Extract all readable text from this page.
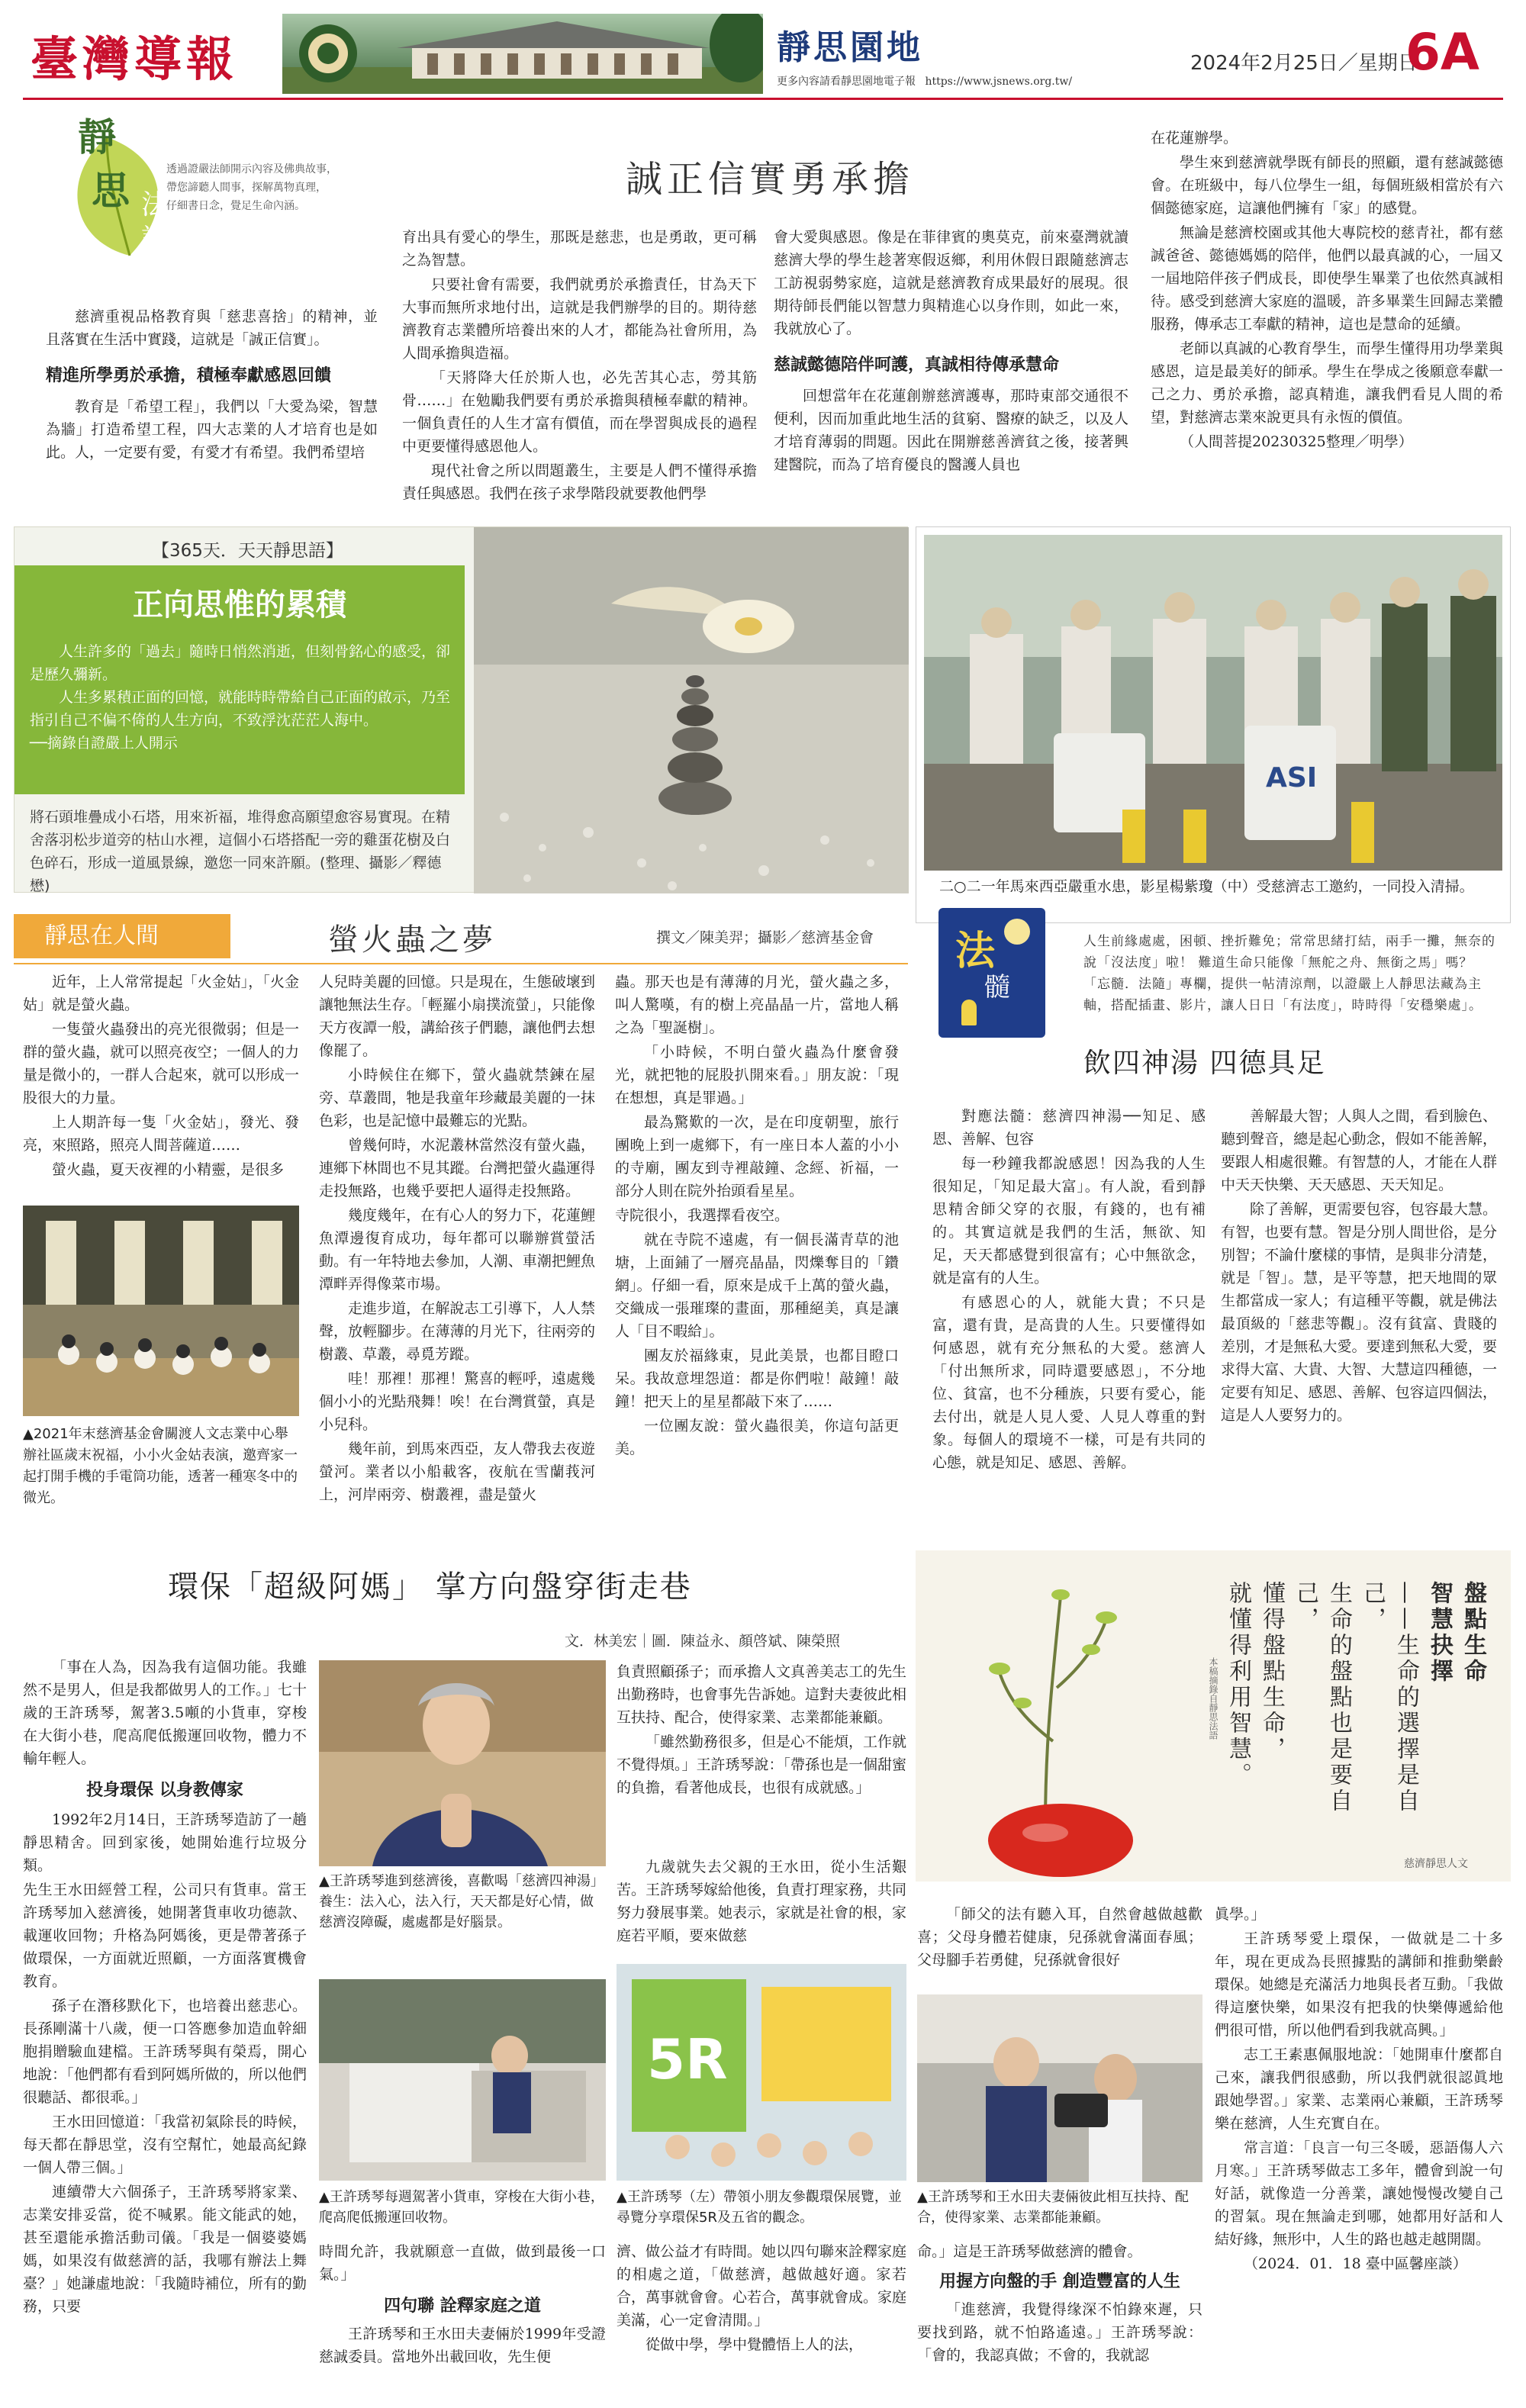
臺灣導報	靜思園地
更多內容請看靜思園地電子報 https://www.jsnews.org.tw/
2024年2月25日／星期日
6A
靜
思 法
語
透過證嚴法師開示內容及佛典故事，
帶您諦聽人間事，探解萬物真理，
仔細書日念，覺足生命內涵。
誠正信實勇承擔

慈濟重視品格教育與「慈悲喜捨」的精神，並且落實在生活中實踐，這就是「誠正信實」。

精進所學勇於承擔，積極奉獻感恩回饋

教育是「希望工程」，我們以「大愛為梁，智慧為牆」打造希望工程，四大志業的人才培育也是如此。人，一定要有愛，有愛才有希望。我們希望培

育出具有愛心的學生，那既是慈悲，也是勇敢，更可稱之為智慧。

只要社會有需要，我們就勇於承擔責任，甘為天下大事而無所求地付出，這就是我們辦學的目的。期待慈濟教育志業體所培養出來的人才，都能為社會所用，為人間承擔與造福。

「天將降大任於斯人也，必先苦其心志，勞其筋骨……」在勉勵我們要有勇於承擔與積極奉獻的精神。一個負責任的人生才富有價值，而在學習與成長的過程中更要懂得感恩他人。

現代社會之所以問題叢生，主要是人們不懂得承擔責任與感恩。我們在孩子求學階段就要教他們學

會大愛與感恩。像是在菲律賓的奧莫克，前來臺灣就讀慈濟大學的學生趁著寒假返鄉，利用休假日跟隨慈濟志工訪視弱勢家庭，這就是慈濟教育成果最好的展現。很期待師長們能以智慧力與精進心以身作則，如此一來，我就放心了。

慈誠懿德陪伴呵護，真誠相待傳承慧命

回想當年在花蓮創辦慈濟護專，那時東部交通很不便利，因而加重此地生活的貧窮、醫療的缺乏，以及人才培育薄弱的問題。因此在開辦慈善濟貧之後，接著興建醫院，而為了培育優良的醫護人員也

在花蓮辦學。

學生來到慈濟就學既有師長的照顧，還有慈誠懿德會。在班級中，每八位學生一組，每個班級相當於有六個懿德家庭，這讓他們擁有「家」的感覺。

無論是慈濟校園或其他大專院校的慈青社，都有慈誠爸爸、懿德媽媽的陪伴，他們以最真誠的心，一屆又一屆地陪伴孩子們成長，即使學生畢業了也依然真誠相待。感受到慈濟大家庭的溫暖，許多畢業生回歸志業體服務，傳承志工奉獻的精神，這也是慧命的延續。

老師以真誠的心教育學生，而學生懂得用功學業與感恩，這是最美好的師承。學生在學成之後願意奉獻一己之力、勇於承擔，認真精進，讓我們看見人間的希望，對慈濟志業來說更具有永恆的價值。

（人間菩提20230325整理／明學）

【365天．天天靜思語】
正向思惟的累積

人生許多的「過去」隨時日悄然消逝，但刻骨銘心的感受，卻是歷久彌新。

人生多累積正面的回憶，就能時時帶給自己正面的啟示，乃至指引自己不偏不倚的人生方向，不致浮沈茫茫人海中。

──摘錄自證嚴上人開示

將石頭堆疊成小石塔，用來祈福，堆得愈高願望愈容易實現。在精舍落羽松步道旁的枯山水裡，這個小石塔搭配一旁的雞蛋花樹及白色碎石，形成一道風景線，邀您一同來許願。(整理、攝影／釋德懋)
ASI
二○二一年馬來西亞嚴重水患，影星楊紫瓊（中）受慈濟志工邀約，一同投入清掃。
法
髓
人生前緣處處，困頓、挫折難免；常常思緒打結，兩手一攤，無奈的說「沒法度」啦！ 難道生命只能像「無舵之舟、無銜之馬」嗎？「忘髓．法隨」專欄，提供一帖清涼劑，以證嚴上人靜思法藏為主軸，搭配插畫、影片，讓人日日「有法度」，時時得「安穩樂處」。
飲四神湯 四德具足

對應法髓：慈濟四神湯──知足、感恩、善解、包容

每一秒鐘我都說感恩！因為我的人生很知足，「知足最大富」。有人說，看到靜思精舍師父穿的衣服，有錢的，也有補的。其實這就是我們的生活，無欲、知足，天天都感覺到很富有；心中無欲念，就是富有的人生。

有感恩心的人，就能大貴；不只是富，還有貴，是高貴的人生。只要懂得如何感恩，就有充分無私的大愛。慈濟人「付出無所求，同時還要感恩」，不分地位、貧富，也不分種族，只要有愛心，能去付出，就是人見人愛、人見人尊重的對象。每個人的環境不一樣，可是有共同的心態，就是知足、感恩、善解。

善解最大智；人與人之間，看到臉色、聽到聲音，總是起心動念，假如不能善解，要跟人相處很難。有智慧的人，才能在人群中天天快樂、天天感恩、天天知足。

除了善解，更需要包容，包容最大慧。有智，也要有慧。智是分別人間世俗，是分別智；不論什麼樣的事情，是與非分清楚，就是「智」。慧，是平等慧，把天地間的眾生都當成一家人；有這種平等觀，就是佛法最頂級的「慈悲等觀」。沒有貧富、貴賤的差別，才是無私大愛。要達到無私大愛，要求得大富、大貴、大智、大慧這四種德，一定要有知足、感恩、善解、包容這四個法，這是人人要努力的。

靜思在人間	螢火蟲之夢	撰文／陳美羿；攝影／慈濟基金會

近年，上人常常提起「火金姑」，「火金姑」就是螢火蟲。

一隻螢火蟲發出的亮光很微弱；但是一群的螢火蟲，就可以照亮夜空；一個人的力量是微小的，一群人合起來，就可以形成一股很大的力量。

上人期許每一隻「火金姑」，發光、發亮，來照路，照亮人間菩薩道……

螢火蟲，夏天夜裡的小精靈，是很多

▲2021年末慈濟基金會關渡人文志業中心舉辦社區歲末祝福，小小火金姑表演，邀齊家一起打開手機的手電筒功能，透著一種寒冬中的微光。

人兒時美麗的回憶。只是現在，生態破壞到讓牠無法生存。「輕羅小扇撲流螢」，只能像天方夜譚一般，講給孩子們聽，讓他們去想像罷了。

小時候住在鄉下，螢火蟲就禁鍊在屋旁、草叢間，牠是我童年珍藏最美麗的一抹色彩，也是記憶中最難忘的光點。

曾幾何時，水泥叢林當然沒有螢火蟲，連鄉下林間也不見其蹤。台灣把螢火蟲運得走投無路，也幾乎要把人逼得走投無路。

幾度幾年，在有心人的努力下，花蓮鯉魚潭邊復育成功，每年都可以聯辦賞螢活動。有一年特地去參加，人潮、車潮把鯉魚潭畔弄得像菜市場。

走進步道，在解說志工引導下，人人禁聲，放輕腳步。在薄薄的月光下，往兩旁的樹叢、草叢，尋覓芳蹤。

哇！那裡！那裡！驚喜的輕呼，遠處幾個小小的光點飛舞！唉！在台灣賞螢，真是小兒科。

幾年前，到馬來西亞，友人帶我去夜遊螢河。業者以小船載客，夜航在雪蘭莪河上，河岸兩旁、樹叢裡，盡是螢火

蟲。那天也是有薄薄的月光，螢火蟲之多，叫人驚嘆，有的樹上亮晶晶一片，當地人稱之為「聖誕樹」。

「小時候，不明白螢火蟲為什麼會發光，就把牠的屁股扒開來看。」朋友說：「現在想想，真是罪過。」

最為驚歎的一次，是在印度朝聖，旅行團晚上到一處鄉下，有一座日本人蓋的小小的寺廟，團友到寺裡敲鐘、念經、祈福，一部分人則在院外抬頭看星星。

寺院很小，我選擇看夜空。

就在寺院不遠處，有一個長滿青草的池塘，上面鋪了一層亮晶晶，閃爍奪目的「鑽網」。仔細一看，原來是成千上萬的螢火蟲，交織成一張璀璨的畫面，那種絕美，真是讓人「目不暇給」。

團友於福緣東，見此美景，也都目瞪口呆。我故意埋怨道：都是你們啦！敲鐘！敲鐘！把天上的星星都敲下來了……

一位團友說：螢火蟲很美，你這句話更美。

環保「超級阿媽」 掌方向盤穿街走巷
文．林美宏｜圖．陳益永、顏啓斌、陳榮照

「事在人為，因為我有這個功能。我雖然不是男人，但是我都做男人的工作。」七十歲的王許琇琴，駕著3.5噸的小貨車，穿梭在大街小巷，爬高爬低搬運回收物，體力不輸年輕人。

投身環保 以身教傳家

1992年2月14日，王許琇琴造訪了一趟靜思精舍。回到家後，她開始進行垃圾分類。

先生王水田經營工程，公司只有貨車。當王許琇琴加入慈濟後，她開著貨車收功德款、載運收回物；升格為阿媽後，更是帶著孫子做環保，一方面就近照顧，一方面落實機會教育。

孫子在潛移默化下，也培養出慈悲心。長孫剛滿十八歲，便一口答應參加造血幹細胞捐贈驗血建檔。王許琇琴與有榮焉，開心地說：「他們都有看到阿媽所做的，所以他們很聽話、都很乖。」

王水田回憶道：「我當初氣除長的時候，每天都在靜思堂，沒有空幫忙，她最高紀錄一個人帶三個。」

連續帶大六個孫子，王許琇琴將家業、志業安排妥當，從不喊累。能文能武的她，甚至還能承擔活動司儀。「我是一個婆婆媽媽，如果沒有做慈濟的話，我哪有辦法上舞臺？」她謙虛地說：「我隨時補位，所有的勤務，只要

▲王許琇琴進到慈濟後，喜歡喝「慈濟四神湯」養生：法入心，法入行，天天都是好心情，做慈濟沒障礙，處處都是好腦景。
▲王許琇琴每週駕著小貨車，穿梭在大街小巷，爬高爬低搬運回收物。

時間允許，我就願意一直做，做到最後一口氣。」

四句聯 詮釋家庭之道

王許琇琴和王水田夫妻倆於1999年受證慈誠委員。當地外出載回收，先生便

負責照顧孫子；而承擔人文真善美志工的先生出勤務時，也會事先告訴她。這對夫妻彼此相互扶持、配合，使得家業、志業都能兼顧。

「雖然勤務很多，但是心不能煩，工作就不覺得煩。」王許琇琴說：「帶孫也是一個甜蜜的負擔，看著他成長，也很有成就感。」

九歲就失去父親的王水田，從小生活艱苦。王許琇琴嫁給他後，負責打理家務，共同努力發展事業。她表示，家就是社會的根，家庭若平順，要來做慈

5R
▲王許琇琴（左）帶領小朋友參觀環保展覽，並尋覽分享環保5R及五省的觀念。

濟、做公益才有時間。她以四句聯來詮釋家庭的相處之道，「做慈濟，越做越好適。家若合，萬事就會會。心若合，萬事就會成。家庭美滿，心一定會清閒。」

從做中學，學中覺體悟上人的法，

盤點生命
智慧抉擇
——生命的選擇是自己，
生命的盤點也是要自己，
懂得盤點生命，
就懂得利用智慧。
本稿摘錄自靜思法語
慈濟靜思人文

「師父的法有聽入耳，自然會越做越歡喜；父母身體若健康，兒孫就會滿面春風；父母腳手若勇健，兒孫就會很好

▲王許琇琴和王水田夫妻倆彼此相互扶持、配合，使得家業、志業都能兼顧。

命。」這是王許琇琴做慈濟的體會。

用握方向盤的手 創造豐富的人生

「進慈濟，我覺得缘深不怕錄來遲，只要找到路，就不怕路遙遠。」王許琇琴說：「會的，我認真做；不會的，我就認

眞學。」

王許琇琴愛上環保，一做就是二十多年，現在更成為長照據點的講師和推動樂齡環保。她總是充滿活力地與長者互動。「我做得這麼快樂，如果沒有把我的快樂傳遞給他們很可惜，所以他們看到我就高興。」

志工王素惠佩服地說：「她開車什麼都自己來，讓我們很感動，所以我們就很認眞地跟她學習。」家業、志業兩心兼顧，王許琇琴樂在慈濟，人生充實自在。

常言道：「良言一句三冬暖，惡語傷人六月寒。」王許琇琴做志工多年，體會到說一句好話，就像造一分善業，讓她慢慢改變自己的習氣。現在無論走到哪，她都用好話和人結好緣，無形中，人生的路也越走越開闊。

（2024．01．18 臺中區馨座談）
